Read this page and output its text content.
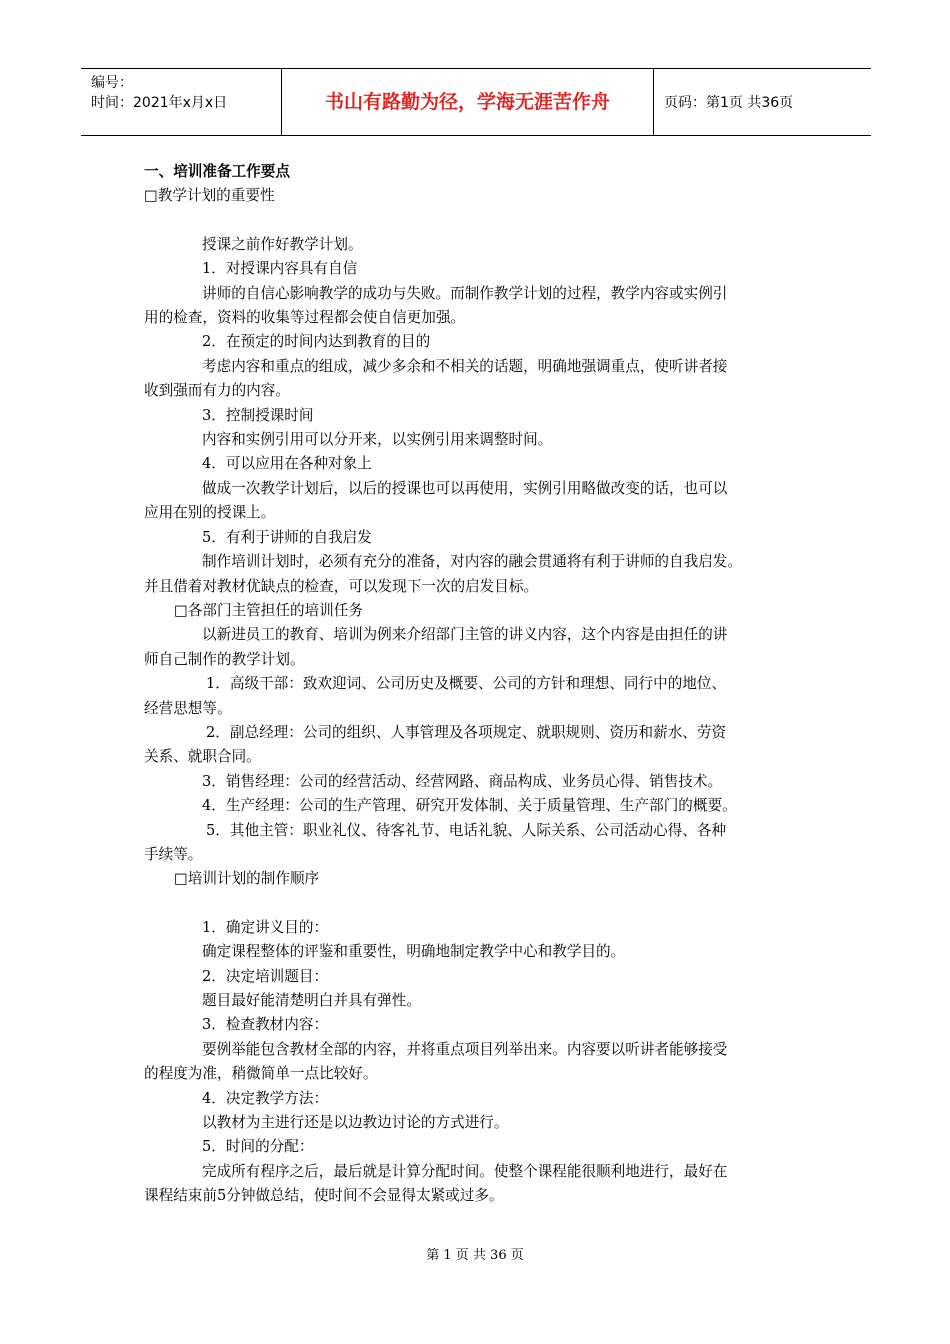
编号：
时间：2021年x月x日	书山有路勤为径，学海无涯苦作舟	页码：第1页 共36页

一、培训准备工作要点

□教学计划的重要性

授课之前作好教学计划。

1．对授课内容具有自信

讲师的自信心影响教学的成功与失败。而制作教学计划的过程，教学内容或实例引

用的检查，资料的收集等过程都会使自信更加强。

2．在预定的时间内达到教育的目的

考虑内容和重点的组成，减少多余和不相关的话题，明确地强调重点，使听讲者接

收到强而有力的内容。

3．控制授课时间

内容和实例引用可以分开来，以实例引用来调整时间。

4．可以应用在各种对象上

做成一次教学计划后，以后的授课也可以再使用，实例引用略做改变的话，也可以

应用在别的授课上。

5．有利于讲师的自我启发

制作培训计划时，必须有充分的准备，对内容的融会贯通将有利于讲师的自我启发。

并且借着对教材优缺点的检查，可以发现下一次的启发目标。

□各部门主管担任的培训任务

以新进员工的教育、培训为例来介绍部门主管的讲义内容，这个内容是由担任的讲

师自己制作的教学计划。

1．高级干部：致欢迎词、公司历史及概要、公司的方针和理想、同行中的地位、

经营思想等。

2．副总经理：公司的组织、人事管理及各项规定、就职规则、资历和薪水、劳资

关系、就职合同。

3．销售经理：公司的经营活动、经营网路、商品构成、业务员心得、销售技术。

4．生产经理：公司的生产管理、研究开发体制、关于质量管理、生产部门的概要。

5．其他主管：职业礼仪、待客礼节、电话礼貌、人际关系、公司活动心得、各种

手续等。

□培训计划的制作顺序

1．确定讲义目的：

确定课程整体的评鉴和重要性，明确地制定教学中心和教学目的。

2．决定培训题目：

题目最好能清楚明白并具有弹性。

3．检查教材内容：

要例举能包含教材全部的内容，并将重点项目列举出来。内容要以听讲者能够接受

的程度为准，稍微简单一点比较好。

4．决定教学方法：

以教材为主进行还是以边教边讨论的方式进行。

5．时间的分配：

完成所有程序之后，最后就是计算分配时间。使整个课程能很顺利地进行，最好在

课程结束前5分钟做总结，使时间不会显得太紧或过多。

第 1 页 共 36 页
